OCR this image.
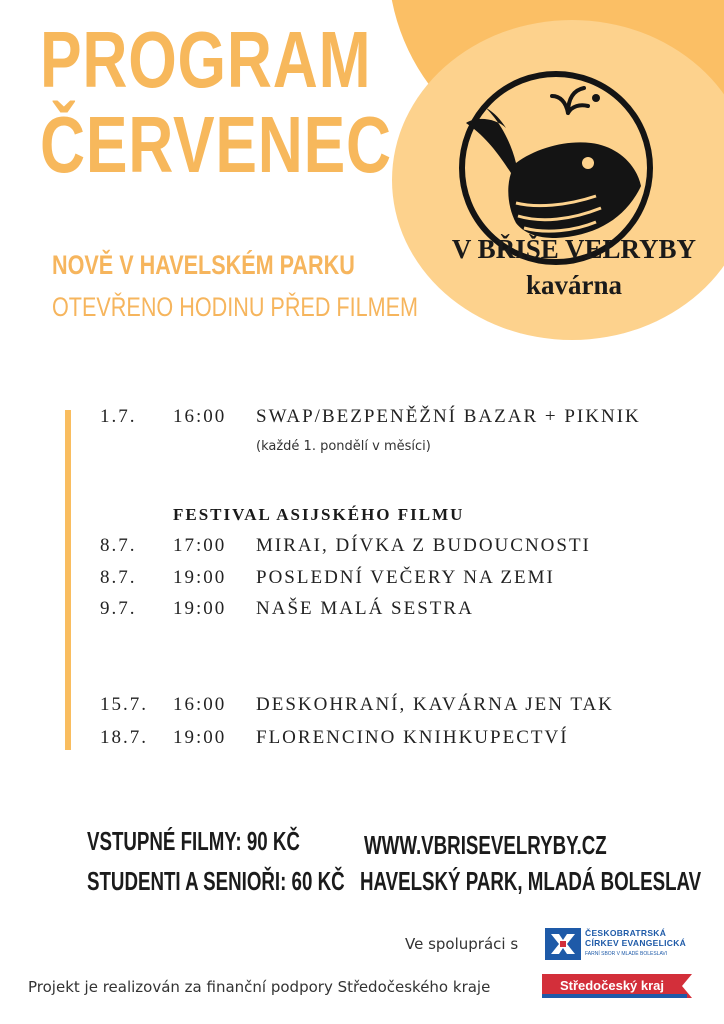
PROGRAM
ČERVENEC
NOVĚ V HAVELSKÉM PARKU
OTEVŘENO HODINU PŘED FILMEM
V BŘIŠE VELRYBY
kavárna
1.7. 16:00 SWAP/BEZPENĚŽNÍ BAZAR + PIKNIK
(každé 1. pondělí v měsíci)
FESTIVAL ASIJSKÉHO FILMU
8.7. 17:00 MIRAI, DÍVKA Z BUDOUCNOSTI
8.7. 19:00 POSLEDNÍ VEČERY NA ZEMI
9.7. 19:00 NAŠE MALÁ SESTRA
15.7. 16:00 DESKOHRANÍ, KAVÁRNA JEN TAK
18.7. 19:00 FLORENCINO KNIHKUPECTVÍ
VSTUPNÉ FILMY: 90 KČ
STUDENTI A SENIOŘI: 60 KČ
WWW.VBRISEVELRYBY.CZ
HAVELSKÝ PARK, MLADÁ BOLESLAV
Ve spolupráci s
ČESKOBRATRSKÁ
CÍRKEV EVANGELICKÁ
FARNÍ SBOR V MLADÉ BOLESLAVI
Projekt je realizován za finanční podpory Středočeského kraje	Středočeský kraj
